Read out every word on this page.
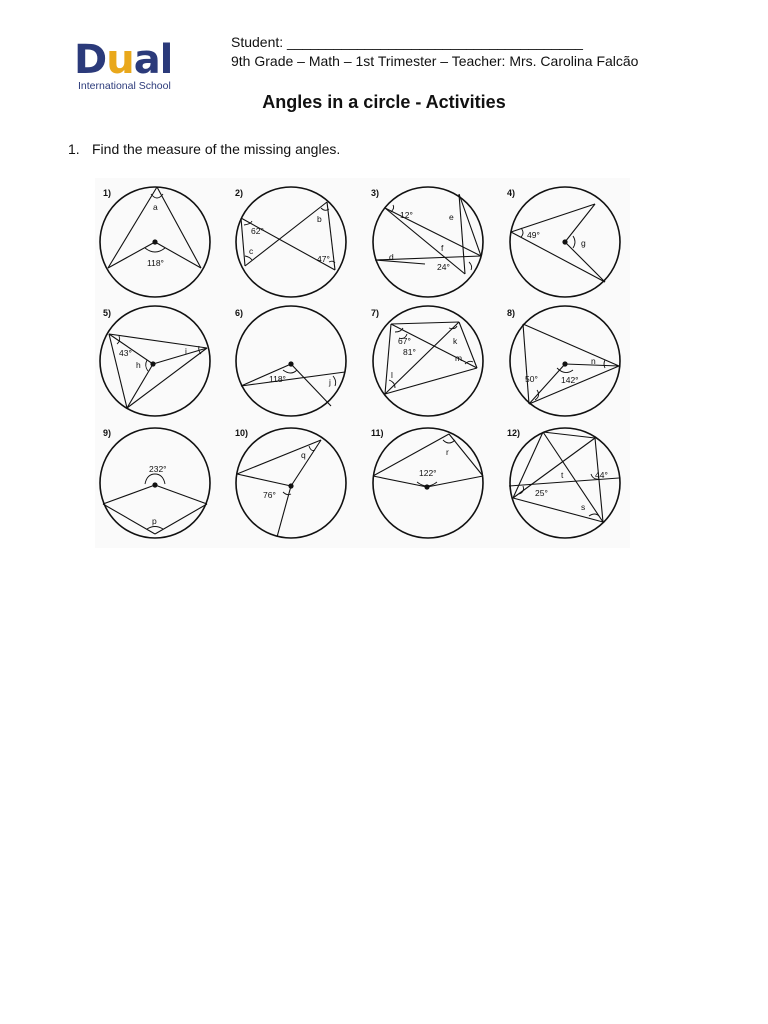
Dual
International School
Student: ______________________________________
9th Grade – Math – 1st Trimester – Teacher: Mrs. Carolina Falcão
Angles in a circle - Activities
1. Find the measure of the missing angles.
1)
a
118°
2)
62°
b
c
47°
3)
12°	e
f
d
24°
4)
49°
g
5)
43°
h
i
6)
118°	j
7)
67°
81°
k
m
l
8)
n
50°	142°
9)
232°
p
10)
q
76°
11)
r
122°
12)
t	44°
25°
s
